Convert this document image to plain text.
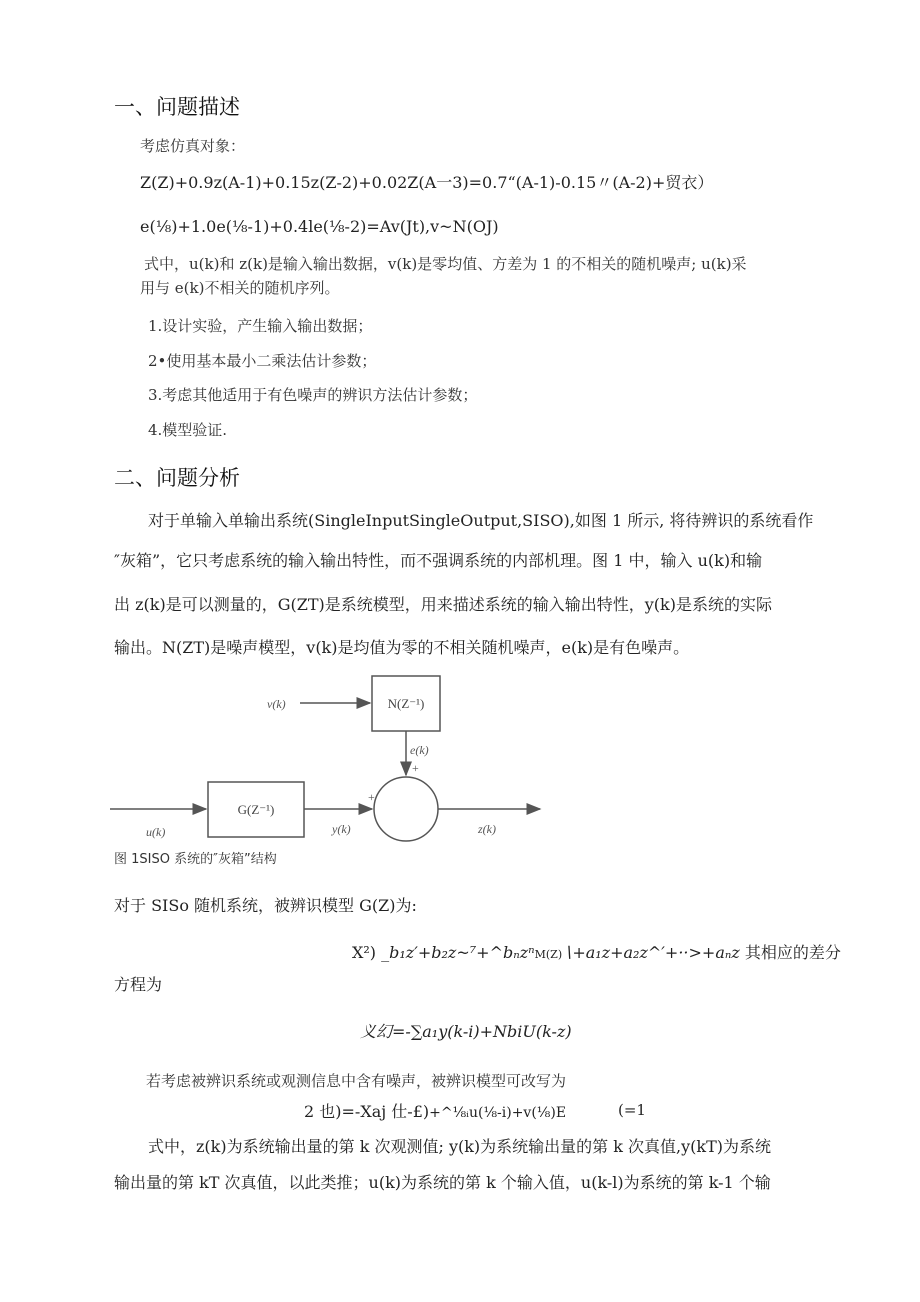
一、问题描述
考虑仿真对象：
Z(Z)+0.9z(A-1)+0.15z(Z-2)+0.02Z(A一3)=0.7“(A-1)-0.15〃(A-2)+贸衣）
e(⅛)+1.0e(⅛-1)+0.4le(⅛-2)=Av(Jt),v~N(OJ)
式中，u(k)和 z(k)是输入输出数据，v(k)是零均值、方差为 1 的不相关的随机噪声; u(k)采
用与 e(k)不相关的随机序列。
1.设计实验，产生输入输出数据；
2•使用基本最小二乘法估计参数；
3.考虑其他适用于有色噪声的辨识方法估计参数；
4.模型验证.
二、问题分析
对于单输入单输出系统(SingleInputSingleOutput,SISO),如图 1 所示, 将待辨识的系统看作
″灰箱”，它只考虑系统的输入输出特性，而不强调系统的内部机理。图 1 中，输入 u(k)和输
出 z(k)是可以测量的，G(ZT)是系统模型，用来描述系统的输入输出特性，y(k)是系统的实际
输出。N(ZT)是噪声模型，v(k)是均值为零的不相关随机噪声，e(k)是有色噪声。
v(k)	N(Z⁻¹)
e(k)
+
u(k)
G(Z⁻¹)
+
y(k)	z(k)
图 1SISO 系统的″灰箱”结构
对于 SISo 随机系统，被辨识模型 G(Z)为:
X²) _b₁z′+b₂z~⁷+^bₙzⁿM(Z)∖+a₁z+a₂z^′+··>+aₙz 其相应的差分
方程为
义幻=-∑a₁y(k-i)+NbiU(k-z)
若考虑被辨识系统或观测信息中含有噪声，被辨识模型可改写为
2 也)=-Xaj 仕-£)+^⅛ᵢu(⅛-i)+v(⅛)E	(=1
式中，z(k)为系统输出量的第 k 次观测值; y(k)为系统输出量的第 k 次真值,y(kT)为系统
输出量的第 kT 次真值，以此类推；u(k)为系统的第 k 个输入值，u(k-l)为系统的第 k-1 个输
